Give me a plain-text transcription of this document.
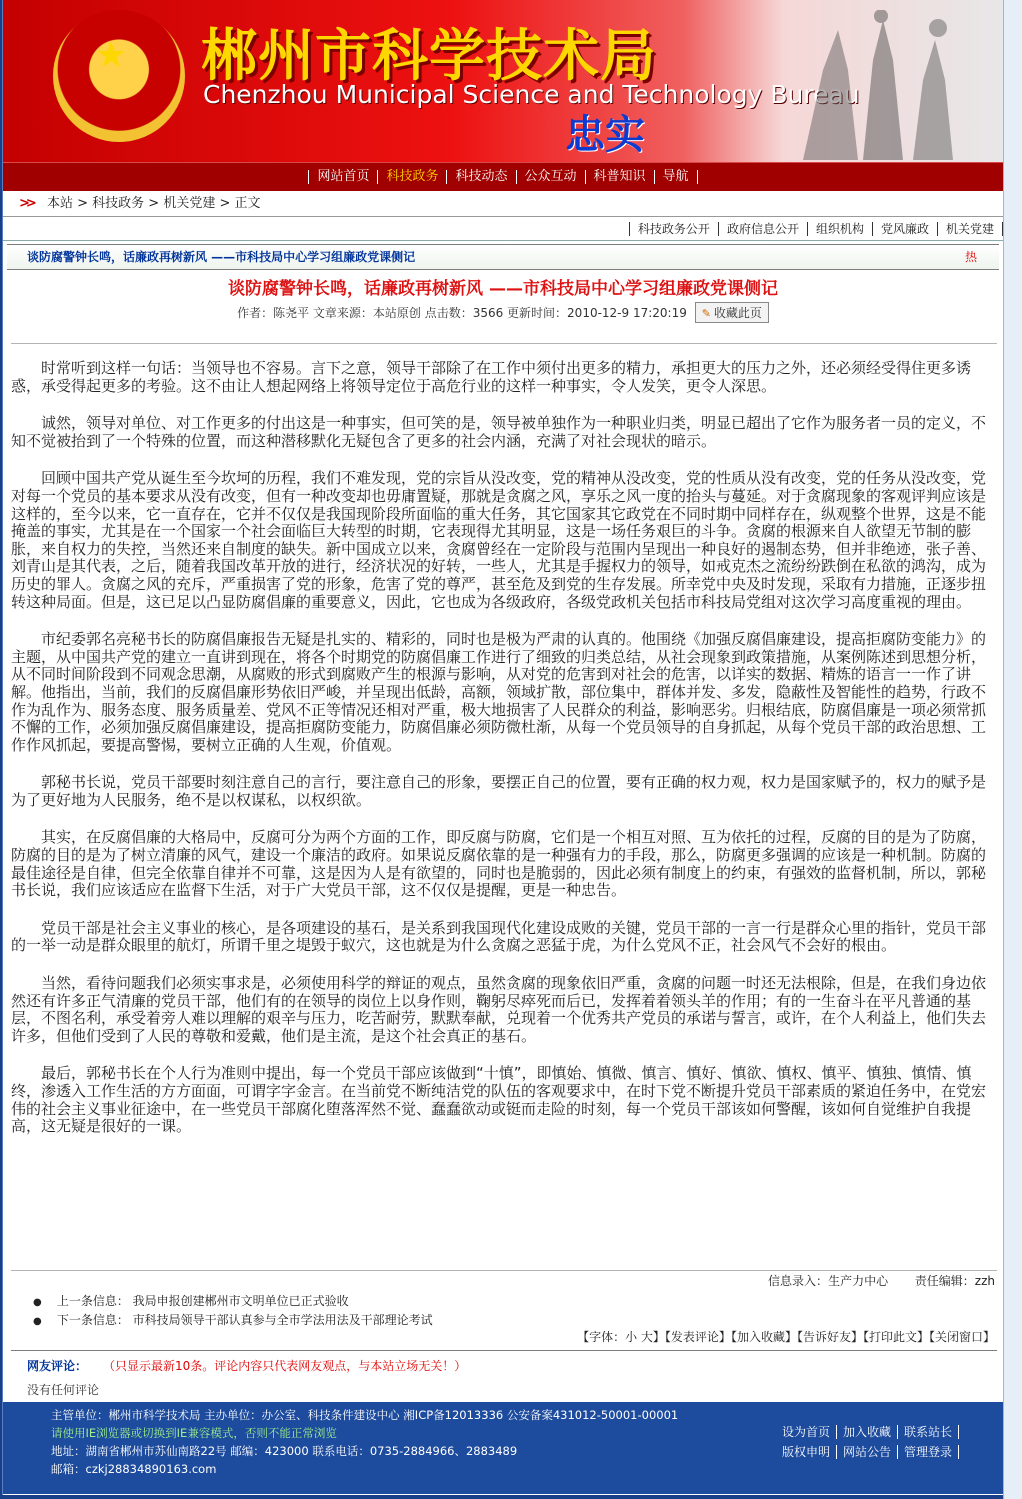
★ 郴州市科学技术局
Chenzhou Municipal Science and Technology Bureau
忠实
网站首页	科技政务	科技动态	公众互动	科普知识	导航
>> 本站 > 科技政务 > 机关党建 > 正文
科技政务公开 政府信息公开 组织机构 党风廉政 机关党建
谈防腐警钟长鸣，话廉政再树新风 ——市科技局中心学习组廉政党课侧记	热
谈防腐警钟长鸣，话廉政再树新风 ——市科技局中心学习组廉政党课侧记
作者：陈尧平 文章来源：本站原创 点击数：3566 更新时间：2010-12-9 17:20:19 ✎ 收藏此页

时常听到这样一句话：当领导也不容易。言下之意，领导干部除了在工作中须付出更多的精力，承担更大的压力之外，还必须经受得住更多诱惑，承受得起更多的考验。这不由让人想起网络上将领导定位于高危行业的这样一种事实，令人发笑，更令人深思。

诚然，领导对单位、对工作更多的付出这是一种事实，但可笑的是，领导被单独作为一种职业归类，明显已超出了它作为服务者一员的定义，不知不觉被抬到了一个特殊的位置，而这种潜移默化无疑包含了更多的社会内涵，充满了对社会现状的暗示。

回顾中国共产党从诞生至今坎坷的历程，我们不难发现，党的宗旨从没改变，党的精神从没改变，党的性质从没有改变，党的任务从没改变，党对每一个党员的基本要求从没有改变，但有一种改变却也毋庸置疑，那就是贪腐之风，享乐之风一度的抬头与蔓延。对于贪腐现象的客观评判应该是这样的，至今以来，它一直存在，它并不仅仅是我国现阶段所面临的重大任务，其它国家其它政党在不同时期中同样存在，纵观整个世界，这是不能掩盖的事实，尤其是在一个国家一个社会面临巨大转型的时期，它表现得尤其明显，这是一场任务艰巨的斗争。贪腐的根源来自人欲望无节制的膨胀，来自权力的失控，当然还来自制度的缺失。新中国成立以来，贪腐曾经在一定阶段与范围内呈现出一种良好的遏制态势，但并非绝迹，张子善、刘青山是其代表，之后，随着我国改革开放的进行，经济状况的好转，一些人，尤其是手握权力的领导，如戒克杰之流纷纷跌倒在私欲的鸿沟，成为历史的罪人。贪腐之风的充斥，严重损害了党的形象，危害了党的尊严，甚至危及到党的生存发展。所幸党中央及时发现，采取有力措施，正逐步扭转这种局面。但是，这已足以凸显防腐倡廉的重要意义，因此，它也成为各级政府，各级党政机关包括市科技局党组对这次学习高度重视的理由。

市纪委郭名亮秘书长的防腐倡廉报告无疑是扎实的、精彩的，同时也是极为严肃的认真的。他围绕《加强反腐倡廉建设，提高拒腐防变能力》的主题，从中国共产党的建立一直讲到现在，将各个时期党的防腐倡廉工作进行了细致的归类总结，从社会现象到政策措施，从案例陈述到思想分析，从不同时间阶段到不同观念思潮，从腐败的形式到腐败产生的根源与影响，从对党的危害到对社会的危害，以详实的数据、精炼的语言一一作了讲解。他指出，当前，我们的反腐倡廉形势依旧严峻，并呈现出低龄，高额，领域扩散，部位集中，群体并发、多发，隐蔽性及智能性的趋势，行政不作为乱作为、服务态度、服务质量差、党风不正等情况还相对严重，极大地损害了人民群众的利益，影响恶劣。归根结底，防腐倡廉是一项必须常抓不懈的工作，必须加强反腐倡廉建设，提高拒腐防变能力，防腐倡廉必须防微杜渐，从每一个党员领导的自身抓起，从每个党员干部的政治思想、工作作风抓起，要提高警惕，要树立正确的人生观，价值观。

郭秘书长说，党员干部要时刻注意自己的言行，要注意自己的形象，要摆正自己的位置，要有正确的权力观，权力是国家赋予的，权力的赋予是为了更好地为人民服务，绝不是以权谋私，以权织欲。

其实，在反腐倡廉的大格局中，反腐可分为两个方面的工作，即反腐与防腐，它们是一个相互对照、互为依托的过程，反腐的目的是为了防腐，防腐的目的是为了树立清廉的风气，建设一个廉洁的政府。如果说反腐依靠的是一种强有力的手段，那么，防腐更多强调的应该是一种机制。防腐的最佳途径是自律，但完全依靠自律并不可靠，这是因为人是有欲望的，同时也是脆弱的，因此必须有制度上的约束，有强效的监督机制，所以，郭秘书长说，我们应该适应在监督下生活，对于广大党员干部，这不仅仅是提醒，更是一种忠告。

党员干部是社会主义事业的核心，是各项建设的基石，是关系到我国现代化建设成败的关键，党员干部的一言一行是群众心里的指针，党员干部的一举一动是群众眼里的航灯，所谓千里之堤毁于蚁穴，这也就是为什么贪腐之恶猛于虎，为什么党风不正，社会风气不会好的根由。

当然，看待问题我们必须实事求是，必须使用科学的辩证的观点，虽然贪腐的现象依旧严重，贪腐的问题一时还无法根除，但是，在我们身边依然还有许多正气清廉的党员干部，他们有的在领导的岗位上以身作则，鞠躬尽瘁死而后已，发挥着着领头羊的作用；有的一生奋斗在平凡普通的基层，不图名利，承受着旁人难以理解的艰辛与压力，吃苦耐劳，默默奉献，兑现着一个优秀共产党员的承诺与誓言，或许，在个人利益上，他们失去许多，但他们受到了人民的尊敬和爱戴，他们是主流，是这个社会真正的基石。

最后，郭秘书长在个人行为准则中提出，每一个党员干部应该做到“十慎”，即慎始、慎微、慎言、慎好、慎欲、慎权、慎平、慎独、慎情、慎终，渗透入工作生活的方方面面，可谓字字金言。在当前党不断纯洁党的队伍的客观要求中，在时下党不断提升党员干部素质的紧迫任务中，在党宏伟的社会主义事业征途中，在一些党员干部腐化堕落浑然不觉、蠢蠢欲动或铤而走险的时刻，每一个党员干部该如何警醒，该如何自觉维护自我提高，这无疑是很好的一课。

信息录入：生产力中心 责任编辑：zzh
● 上一条信息： 我局申报创建郴州市文明单位已正式验收
● 下一条信息： 市科技局领导干部认真参与全市学法用法及干部理论考试
【字体：小 大】【发表评论】【加入收藏】【告诉好友】【打印此文】【关闭窗口】
网友评论： （只显示最新10条。评论内容只代表网友观点，与本站立场无关！）
没有任何评论
主管单位：郴州市科学技术局 主办单位：办公室、科技条件建设中心 湘ICP备12013336 公安备案431012-50001-00001
请使用IE浏览器或切换到IE兼容模式，否则不能正常浏览
地址：湖南省郴州市苏仙南路22号 邮编：423000 联系电话：0735-2884966、2883489
邮箱：czkj28834890163.com
设为首页 加入收藏 联系站长
版权申明 网站公告 管理登录
